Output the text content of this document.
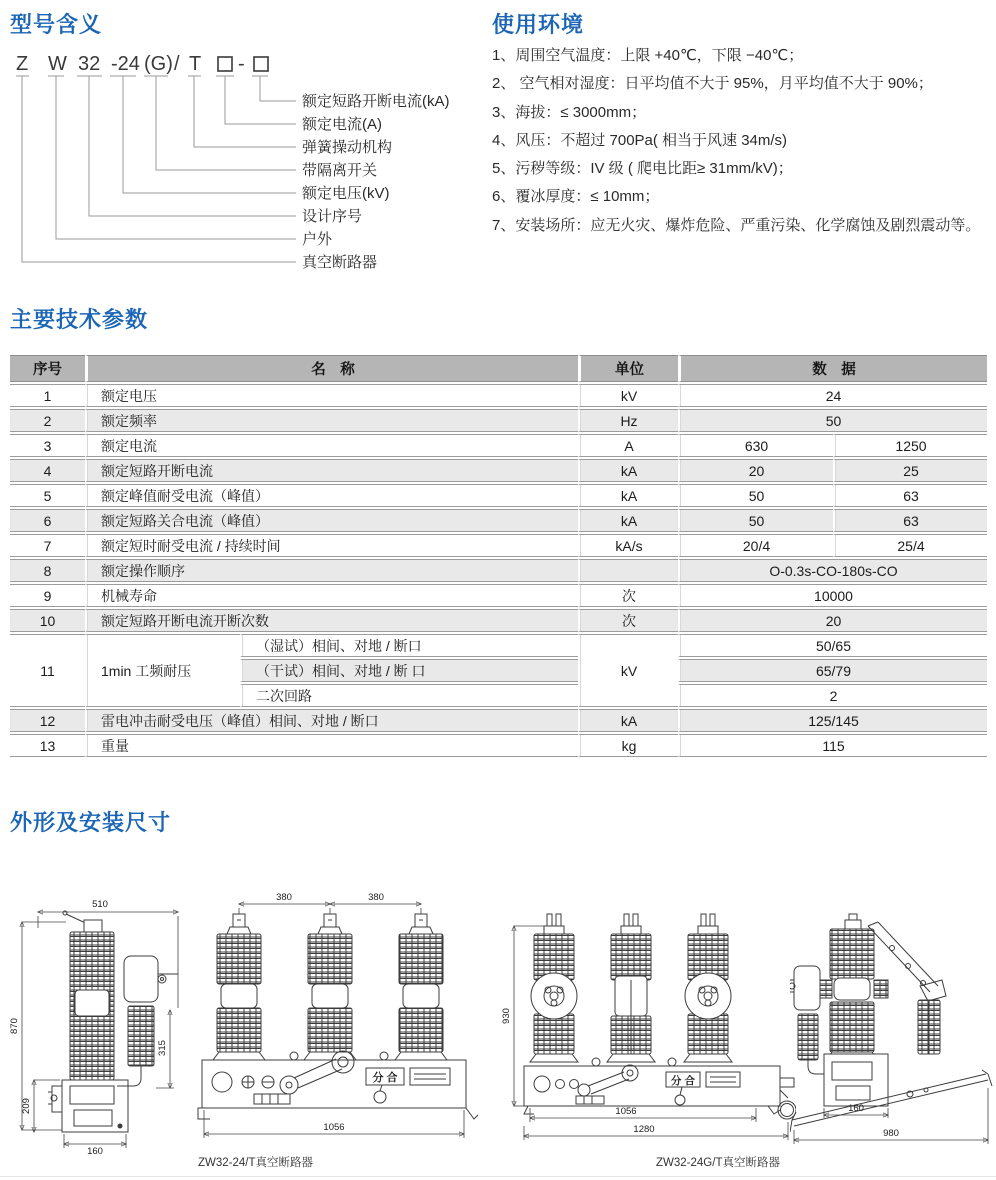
型号含义
Z W 32 -24 (G) / T -
额定短路开断电流(kA)
额定电流(A)
弹簧操动机构
带隔离开关
额定电压(kV)
设计序号
户外
真空断路器
使用环境
1、周围空气温度：上限 +40℃，下限 −40℃；
2、 空气相对湿度：日平均值不大于 95%，月平均值不大于 90%；
3、海拔：≤ 3000mm；
4、风压：不超过 700Pa( 相当于风速 34m/s)
5、污秽等级：IV 级 ( 爬电比距≥ 31mm/kV)；
6、覆冰厚度：≤ 10mm；
7、安装场所：应无火灾、爆炸危险、严重污染、化学腐蚀及剧烈震动等。
主要技术参数
序号	名　称		单位	数　据	
1	额定电压		kV	24	
2	额定频率		Hz	50	
3	额定电流		A	630	1250
4	额定短路开断电流		kA	20	25
5	额定峰值耐受电流（峰值）		kA	50	63
6	额定短路关合电流（峰值）		kA	50	63
7	额定短时耐受电流 / 持续时间		kA/s	20/4	25/4
8	额定操作顺序			O-0.3s-CO-180s-CO	
9	机械寿命		次	10000	
10	额定短路开断电流开断次数		次	20	
11	1min 工频耐压	（湿试）相间、对地 / 断口	kV	50/65	
		（干试）相间、对地 / 断 口		65/79	
		二次回路		2	
12	雷电冲击耐受电压（峰值）相间、对地 / 断口		kA	125/145	
13	重量		kg	115	
外形及安装尺寸
510
870
315
209
160
380	380
分 合
1056
930
分 合
1056
1280
160
980
ZW32-24/T真空断路器	ZW32-24G/T真空断路器
